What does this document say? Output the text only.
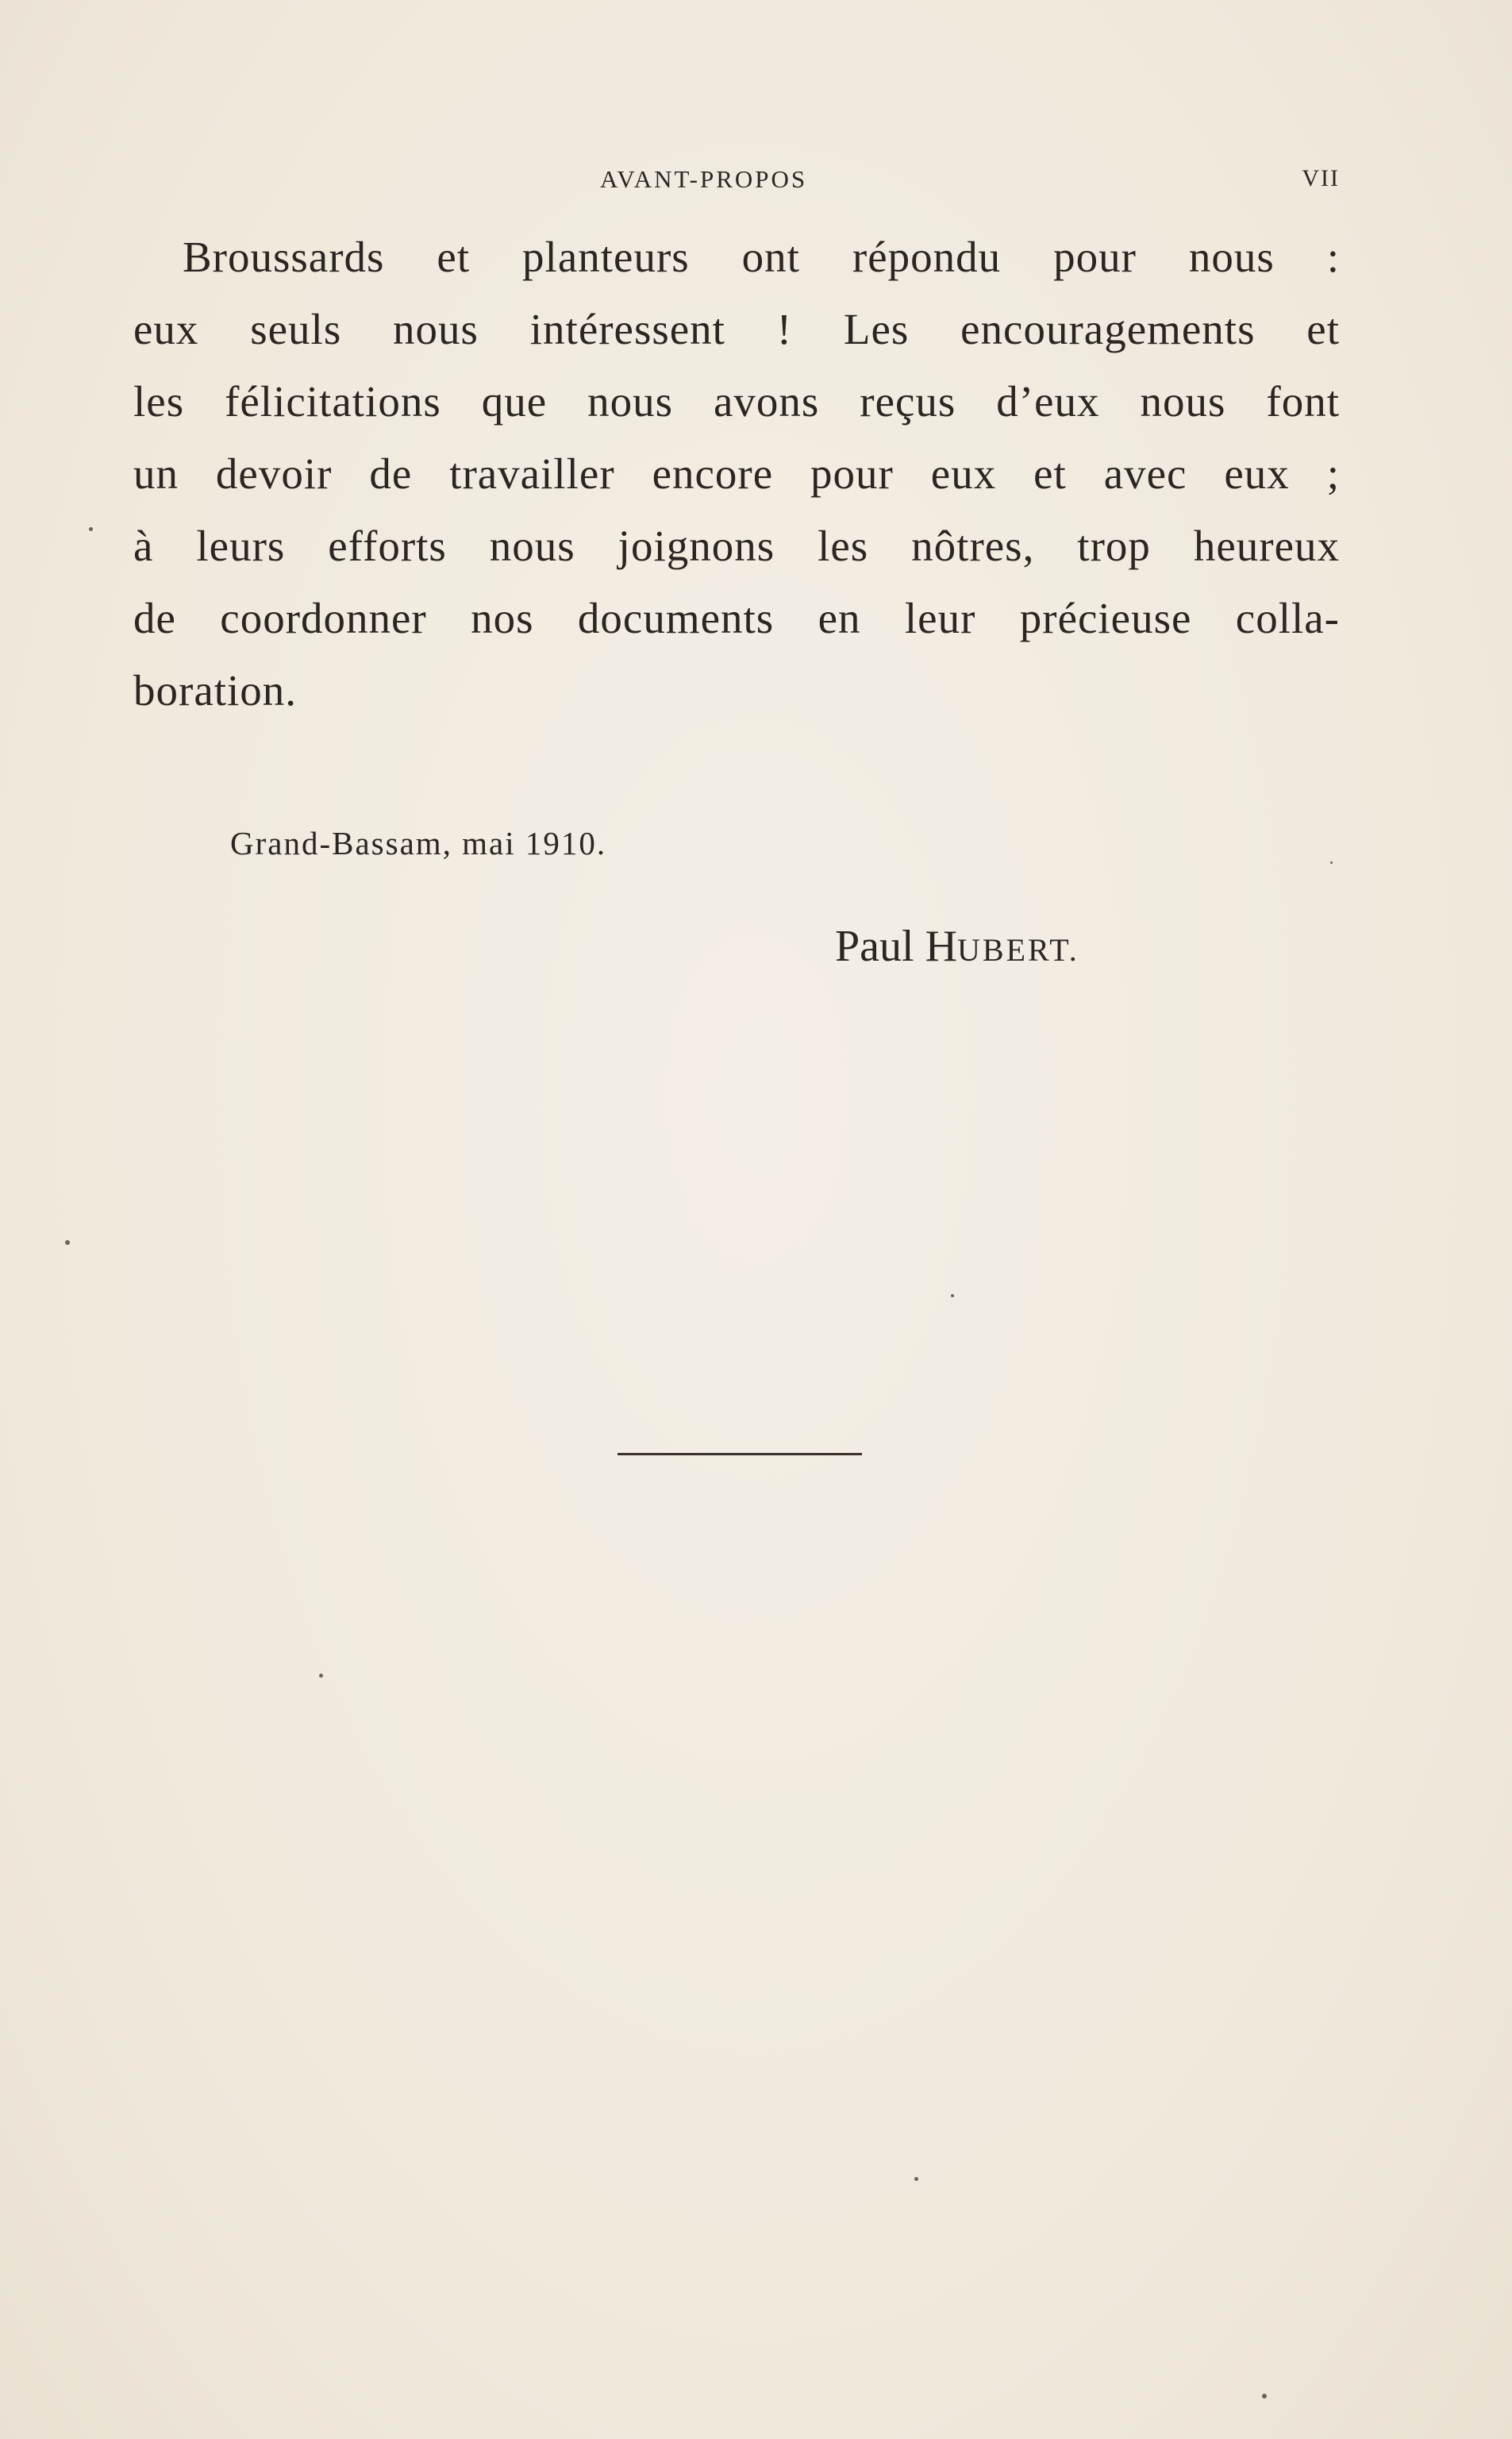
AVANT-PROPOS	VII

Broussards et planteurs ont répondu pour nous :
eux seuls nous intéressent ! Les encouragements et
les félicitations que nous avons reçus d’eux nous font
un devoir de travailler encore pour eux et avec eux ;
à leurs efforts nous joignons les nôtres, trop heureux
de coordonner nos documents en leur précieuse colla-
boration.

Grand-Bassam, mai 1910.
Paul HUBERT.
